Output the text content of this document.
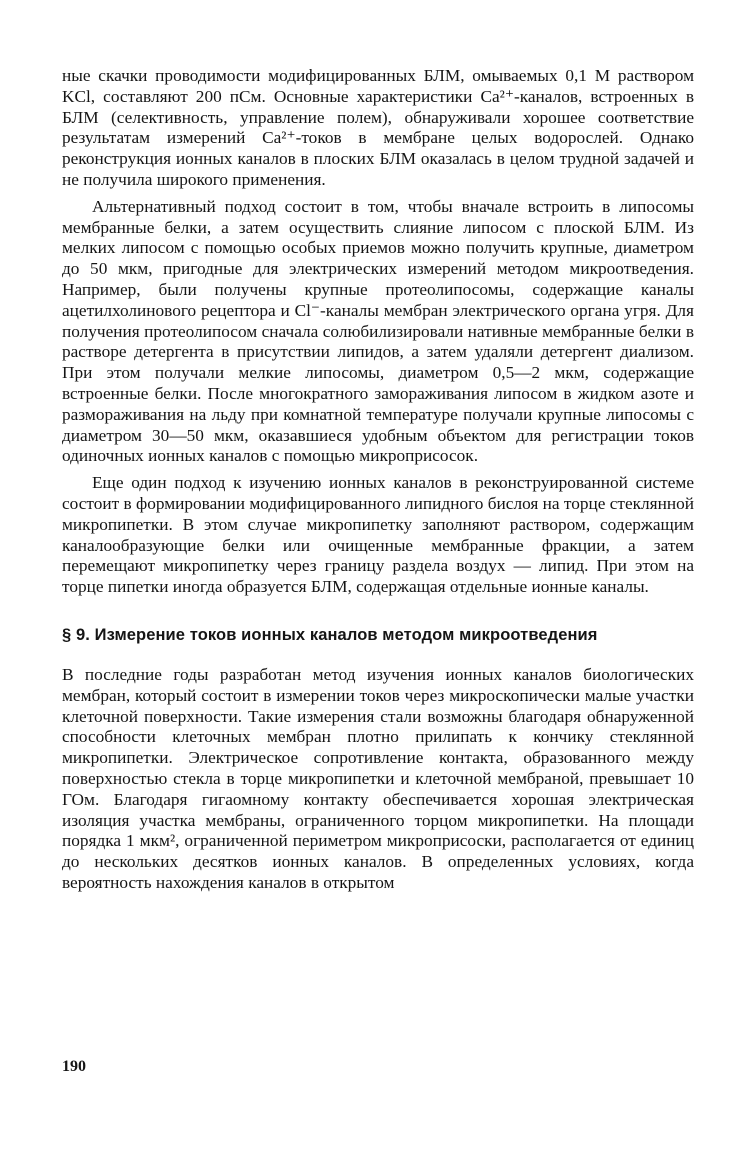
ные скачки проводимости модифицированных БЛМ, омываемых 0,1 М раствором KCl, составляют 200 пСм. Основные характеристики Ca²⁺-каналов, встроенных в БЛМ (селективность, управление полем), обнаруживали хорошее соответствие результатам измерений Ca²⁺-токов в мембране целых водорослей. Однако реконструкция ионных каналов в плоских БЛМ оказалась в целом трудной задачей и не получила широкого применения.

Альтернативный подход состоит в том, чтобы вначале встроить в липосомы мембранные белки, а затем осуществить слияние липосом с плоской БЛМ. Из мелких липосом с помощью особых приемов можно получить крупные, диаметром до 50 мкм, пригодные для электрических измерений методом микроотведения. Например, были получены крупные протеолипосомы, содержащие каналы ацетилхолинового рецептора и Cl⁻-каналы мембран электрического органа угря. Для получения протеолипосом сначала солюбилизировали нативные мембранные белки в растворе детергента в присутствии липидов, а затем удаляли детергент диализом. При этом получали мелкие липосомы, диаметром 0,5—2 мкм, содержащие встроенные белки. После многократного замораживания липосом в жидком азоте и размораживания на льду при комнатной температуре получали крупные липосомы с диаметром 30—50 мкм, оказавшиеся удобным объектом для регистрации токов одиночных ионных каналов с помощью микроприсосок.

Еще один подход к изучению ионных каналов в реконструированной системе состоит в формировании модифицированного липидного бислоя на торце стеклянной микропипетки. В этом случае микропипетку заполняют раствором, содержащим каналообразующие белки или очищенные мембранные фракции, а затем перемещают микропипетку через границу раздела воздух — липид. При этом на торце пипетки иногда образуется БЛМ, содержащая отдельные ионные каналы.

§ 9. Измерение токов ионных каналов методом микроотведения

В последние годы разработан метод изучения ионных каналов биологических мембран, который состоит в измерении токов через микроскопически малые участки клеточной поверхности. Такие измерения стали возможны благодаря обнаруженной способности клеточных мембран плотно прилипать к кончику стеклянной микропипетки. Электрическое сопротивление контакта, образованного между поверхностью стекла в торце микропипетки и клеточной мембраной, превышает 10 ГОм. Благодаря гигаомному контакту обеспечивается хорошая электрическая изоляция участка мембраны, ограниченного торцом микропипетки. На площади порядка 1 мкм², ограниченной периметром микроприсоски, располагается от единиц до нескольких десятков ионных каналов. В определенных условиях, когда вероятность нахождения каналов в открытом

190
